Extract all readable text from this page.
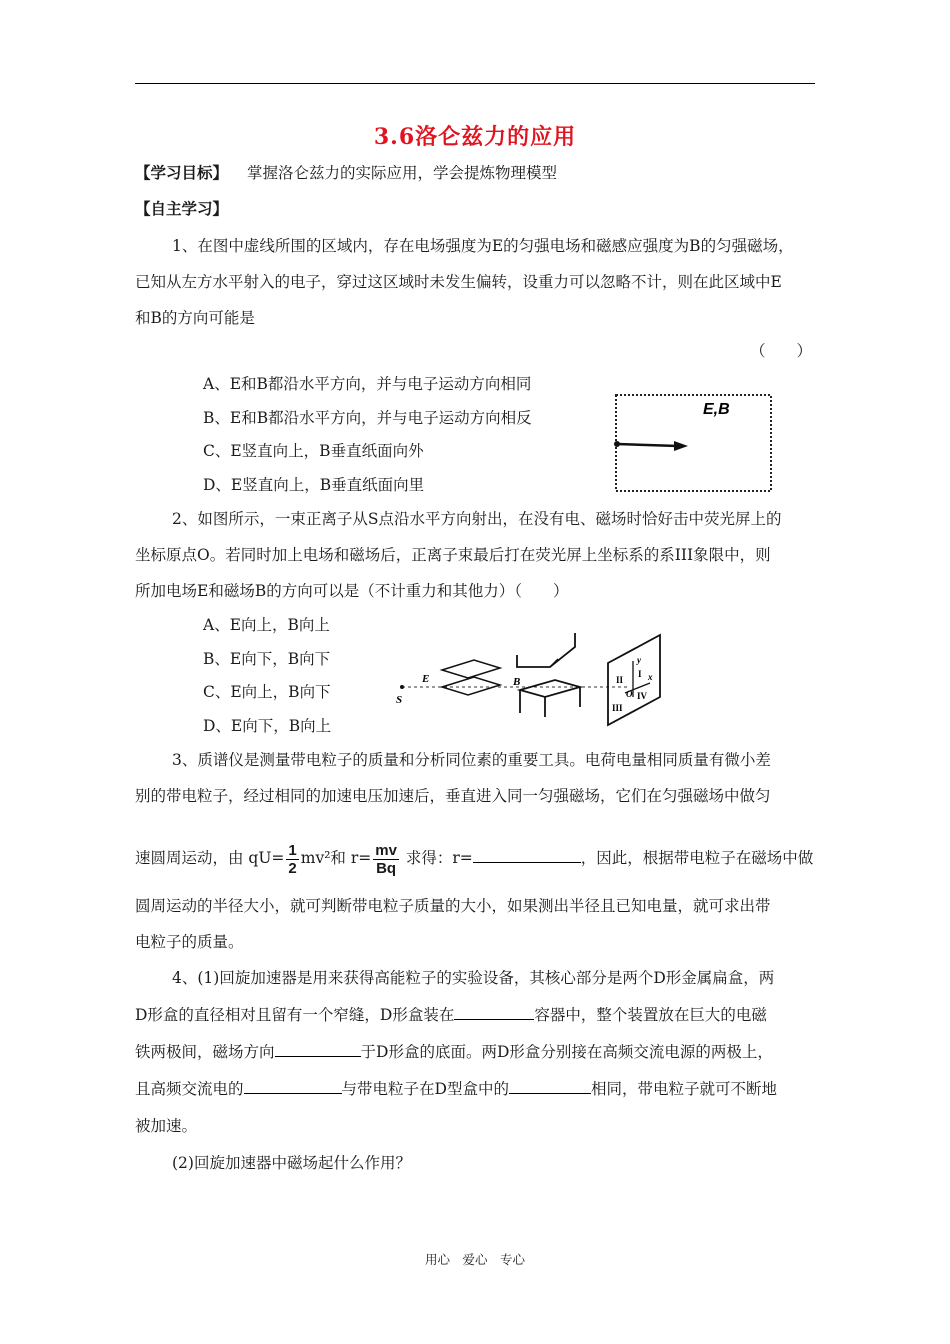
3.6洛仑兹力的应用
【学习目标】 掌握洛仑兹力的实际应用，学会提炼物理模型
【自主学习】
1、在图中虚线所围的区域内，存在电场强度为E的匀强电场和磁感应强度为B的匀强磁场，
已知从左方水平射入的电子，穿过这区域时未发生偏转，设重力可以忽略不计，则在此区域中E
和B的方向可能是
（　　）
A、E和B都沿水平方向，并与电子运动方向相同
B、E和B都沿水平方向，并与电子运动方向相反
C、E竖直向上，B垂直纸面向外
D、E竖直向上，B垂直纸面向里
E,B
2、如图所示，一束正离子从S点沿水平方向射出，在没有电、磁场时恰好击中荧光屏上的
坐标原点O。若同时加上电场和磁场后，正离子束最后打在荧光屏上坐标系的系III象限中，则
所加电场E和磁场B的方向可以是（不计重力和其他力）（　　）
A、E向上，B向上
B、E向下，B向下
C、E向上，B向下
D、E向下，B向上
S
E	B
y
x
O
I
II
III
IV
3、质谱仪是测量带电粒子的质量和分析同位素的重要工具。电荷电量相同质量有微小差
别的带电粒子，经过相同的加速电压加速后，垂直进入同一匀强磁场，它们在匀强磁场中做匀
速圆周运动，由 $qU= \frac{1}{2} mv^2$和 $r= \frac{mv}{Bq}$ 求得：r=	，因此，根据带电粒子在磁场中做
圆周运动的半径大小，就可判断带电粒子质量的大小，如果测出半径且已知电量，就可求出带
电粒子的质量。
4、(1)回旋加速器是用来获得高能粒子的实验设备，其核心部分是两个D形金属扁盒，两
D形盒的直径相对且留有一个窄缝，D形盒装在	容器中，整个装置放在巨大的电磁
铁两极间，磁场方向	于D形盒的底面。两D形盒分别接在高频交流电源的两极上，
且高频交流电的	与带电粒子在D型盒中的	相同，带电粒子就可不断地
被加速。
(2)回旋加速器中磁场起什么作用？
用心　爱心　专心
